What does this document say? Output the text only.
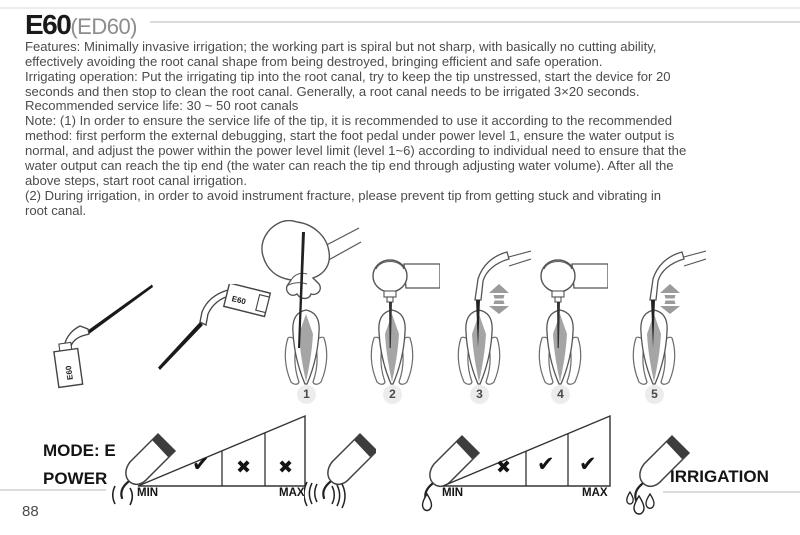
E60(ED60)
Features: Minimally invasive irrigation; the working part is spiral but not sharp, with basically no cutting ability,
effectively avoiding the root canal shape from being destroyed, bringing efficient and safe operation.
Irrigating operation: Put the irrigating tip into the root canal, try to keep the tip unstressed, start the device for 20
seconds and then stop to clean the root canal. Generally, a root canal needs to be irrigated 3×20 seconds.
Recommended service life: 30 ~ 50 root canals
Note: (1) In order to ensure the service life of the tip, it is recommended to use it according to the recommended
method: first perform the external debugging, start the foot pedal under power level 1, ensure the water output is
normal, and adjust the power within the power level limit (level 1~6) according to individual need to ensure that the
water output can reach the tip end (the water can reach the tip end through adjusting water volume). After all the
above steps, start root canal irrigation.
(2) During irrigation, in order to avoid instrument fracture, please prevent tip from getting stuck and vibrating in
root canal.
E60
E60
1	2	3	4	5
MODE: E
POWER
✔ ✖ ✖
MIN	MAX
✖ ✔ ✔
MIN	MAX
IRRIGATION
88
